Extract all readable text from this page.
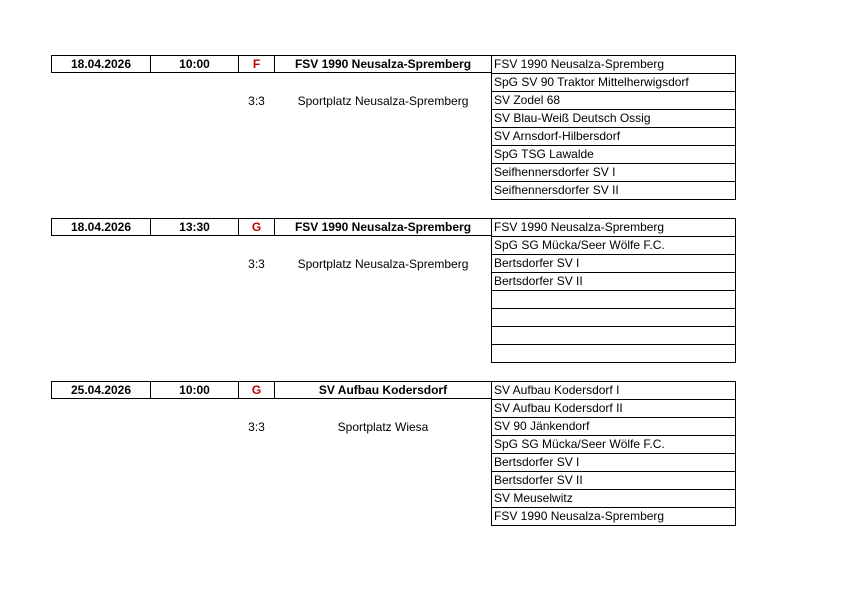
18.04.2026	10:00	F	FSV 1990 Neusalza-Spremberg
3:3	Sportplatz Neusalza-Spremberg
FSV 1990 Neusalza-Spremberg
SpG SV 90 Traktor Mittelherwigsdorf
SV Zodel 68
SV Blau-Weiß Deutsch Ossig
SV Arnsdorf-Hilbersdorf
SpG TSG Lawalde
Seifhennersdorfer SV I
Seifhennersdorfer SV II
18.04.2026	13:30	G	FSV 1990 Neusalza-Spremberg
3:3	Sportplatz Neusalza-Spremberg
FSV 1990 Neusalza-Spremberg
SpG SG Mücka/Seer Wölfe F.C.
Bertsdorfer SV I
Bertsdorfer SV II
25.04.2026	10:00	G	SV Aufbau Kodersdorf
3:3	Sportplatz Wiesa
SV Aufbau Kodersdorf I
SV Aufbau Kodersdorf II
SV 90 Jänkendorf
SpG SG Mücka/Seer Wölfe F.C.
Bertsdorfer SV I
Bertsdorfer SV II
SV Meuselwitz
FSV 1990 Neusalza-Spremberg
